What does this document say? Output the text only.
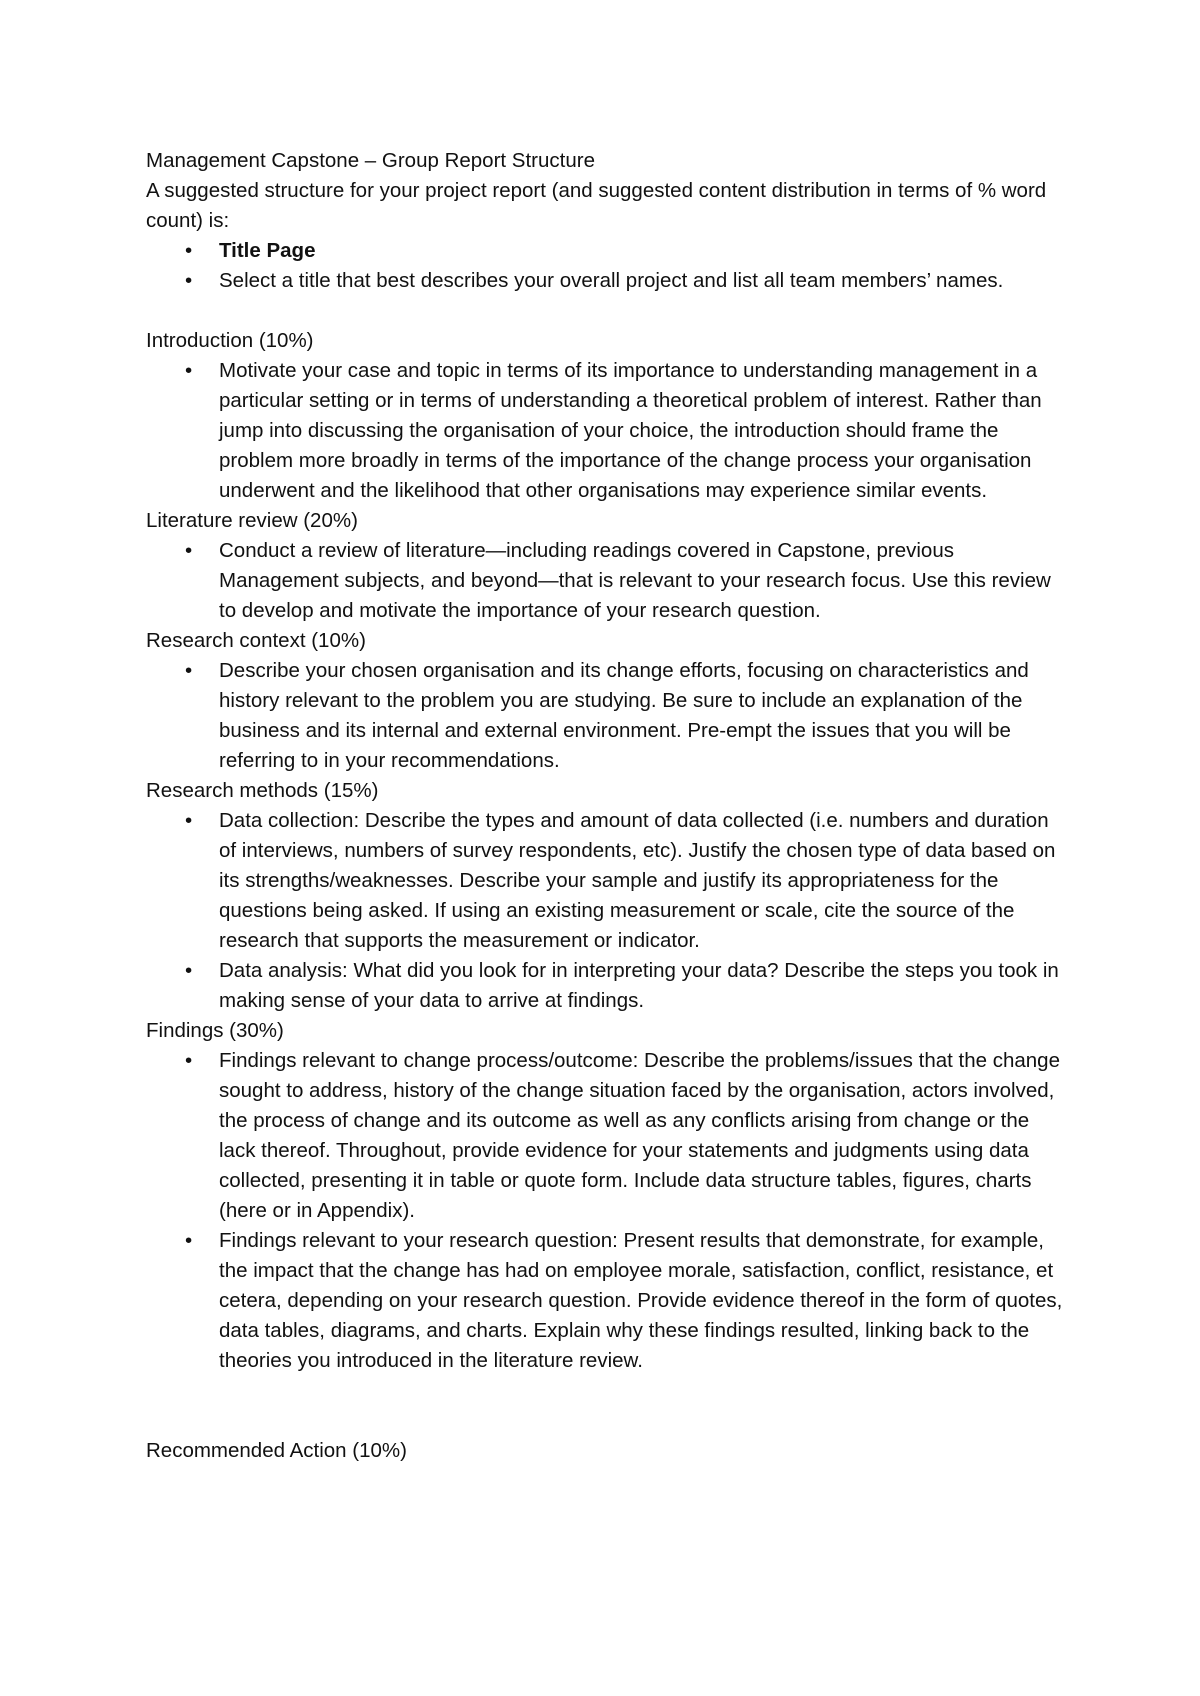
Management Capstone – Group Report Structure

A suggested structure for your project report (and suggested content distribution in terms of % word count) is:

•	Title Page
•	Select a title that best describes your overall project and list all team members’ names.

Introduction (10%)

•	Motivate your case and topic in terms of its importance to understanding management in a particular setting or in terms of understanding a theoretical problem of interest. Rather than jump into discussing the organisation of your choice, the introduction should frame the problem more broadly in terms of the importance of the change process your organisation underwent and the likelihood that other organisations may experience similar events.

Literature review (20%)

•	Conduct a review of literature—including readings covered in Capstone, previous Management subjects, and beyond—that is relevant to your research focus. Use this review to develop and motivate the importance of your research question.

Research context (10%)

•	Describe your chosen organisation and its change efforts, focusing on characteristics and history relevant to the problem you are studying. Be sure to include an explanation of the business and its internal and external environment. Pre-empt the issues that you will be referring to in your recommendations.

Research methods (15%)

•	Data collection: Describe the types and amount of data collected (i.e. numbers and duration of interviews, numbers of survey respondents, etc). Justify the chosen type of data based on its strengths/weaknesses. Describe your sample and justify its appropriateness for the questions being asked. If using an existing measurement or scale, cite the source of the research that supports the measurement or indicator.
•	Data analysis: What did you look for in interpreting your data? Describe the steps you took in making sense of your data to arrive at findings.

Findings (30%)

•	Findings relevant to change process/outcome: Describe the problems/issues that the change sought to address, history of the change situation faced by the organisation, actors involved, the process of change and its outcome as well as any conflicts arising from change or the lack thereof. Throughout, provide evidence for your statements and judgments using data collected, presenting it in table or quote form. Include data structure tables, figures, charts (here or in Appendix).
•	Findings relevant to your research question: Present results that demonstrate, for example, the impact that the change has had on employee morale, satisfaction, conflict, resistance, et cetera, depending on your research question. Provide evidence thereof in the form of quotes, data tables, diagrams, and charts. Explain why these findings resulted, linking back to the theories you introduced in the literature review.

Recommended Action (10%)
